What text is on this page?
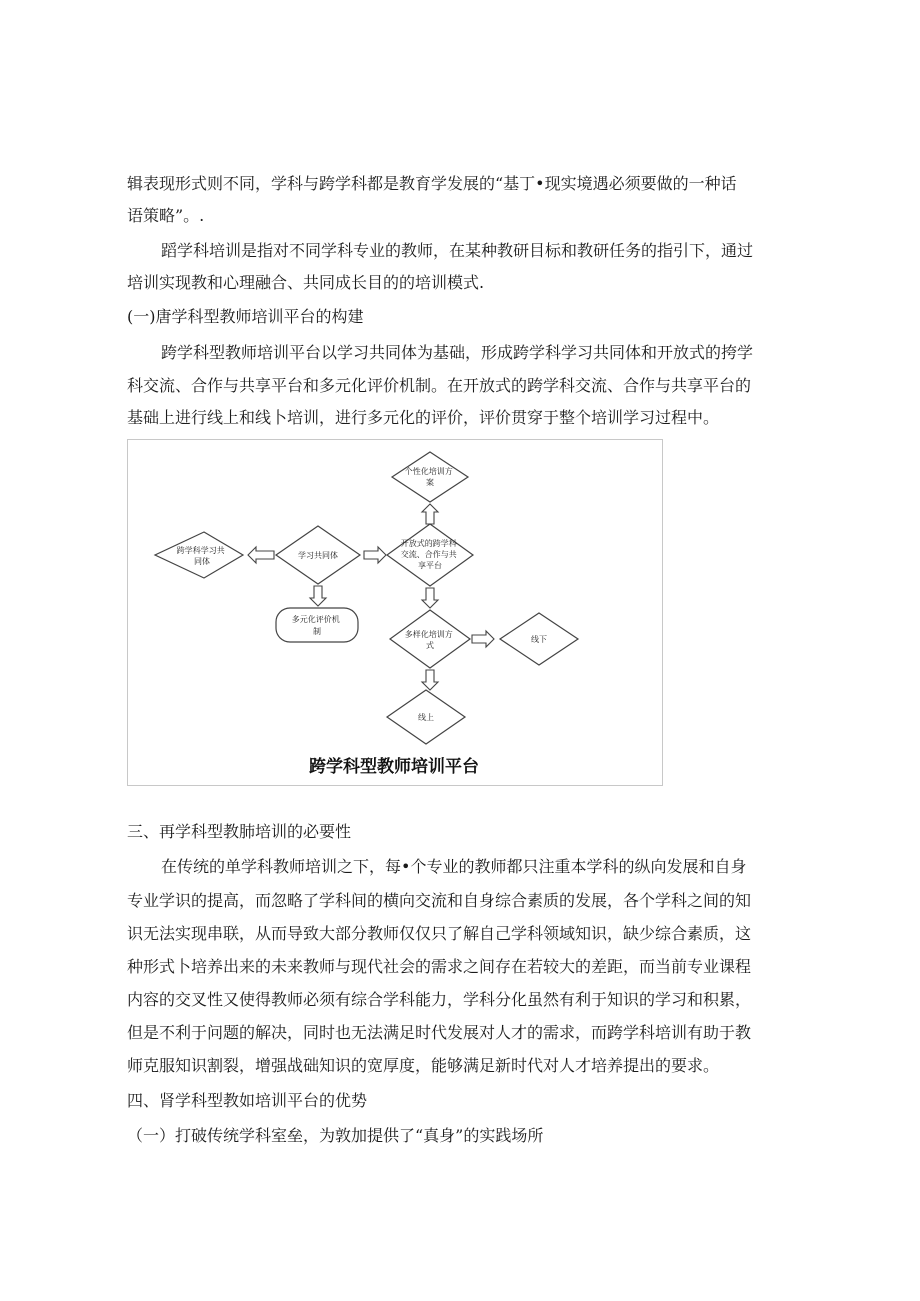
辑表现形式则不同，学科与跨学科都是教育学发展的“基丁•现实境遇必须要做的一种话
语策略”。.
蹈学科培训是指对不同学科专业的教师，在某种教研目标和教研任务的指引下，通过
培训实现教和心理融合、共同成长目的的培训模式.
(一)唐学科型教师培训平台的构建
跨学科型教师培训平台以学习共同体为基础，形成跨学科学习共同体和开放式的挎学
科交流、合作与共享平台和多元化评价机制。在开放式的跨学科交流、合作与共享平台的
基础上进行线上和线卜培训，进行多元化的评价，评价贯穿于整个培训学习过程中。
个性化培训方 案
开放式的跨学科 交流、合作与共 享平台
学习共同体
跨学科学习共 同体
多元化评价机 制	多样化培训方 式
线下
线上
跨学科型教师培训平台
三、再学科型教肺培训的必要性
在传统的单学科教师培训之下，每•个专业的教师都只注重本学科的纵向发展和自身
专业学识的提高，而忽略了学科间的横向交流和自身综合素质的发展，各个学科之间的知
识无法实现串联，从而导致大部分教师仅仅只了解自己学科领域知识，缺少综合素质，这
种形式卜培养出来的未来教师与现代社会的需求之间存在若较大的差距，而当前专业课程
内容的交叉性又使得教师必须有综合学科能力，学科分化虽然有利于知识的学习和积累，
但是不利于问题的解决，同时也无法满足时代发展对人才的需求，而跨学科培训有助于教
师克服知识割裂，增强战础知识的宽厚度，能够满足新时代对人才培养提出的要求。
四、肾学科型教如培训平台的优势
（一）打破传统学科室垒，为敦加提供了“真身”的实践场所
